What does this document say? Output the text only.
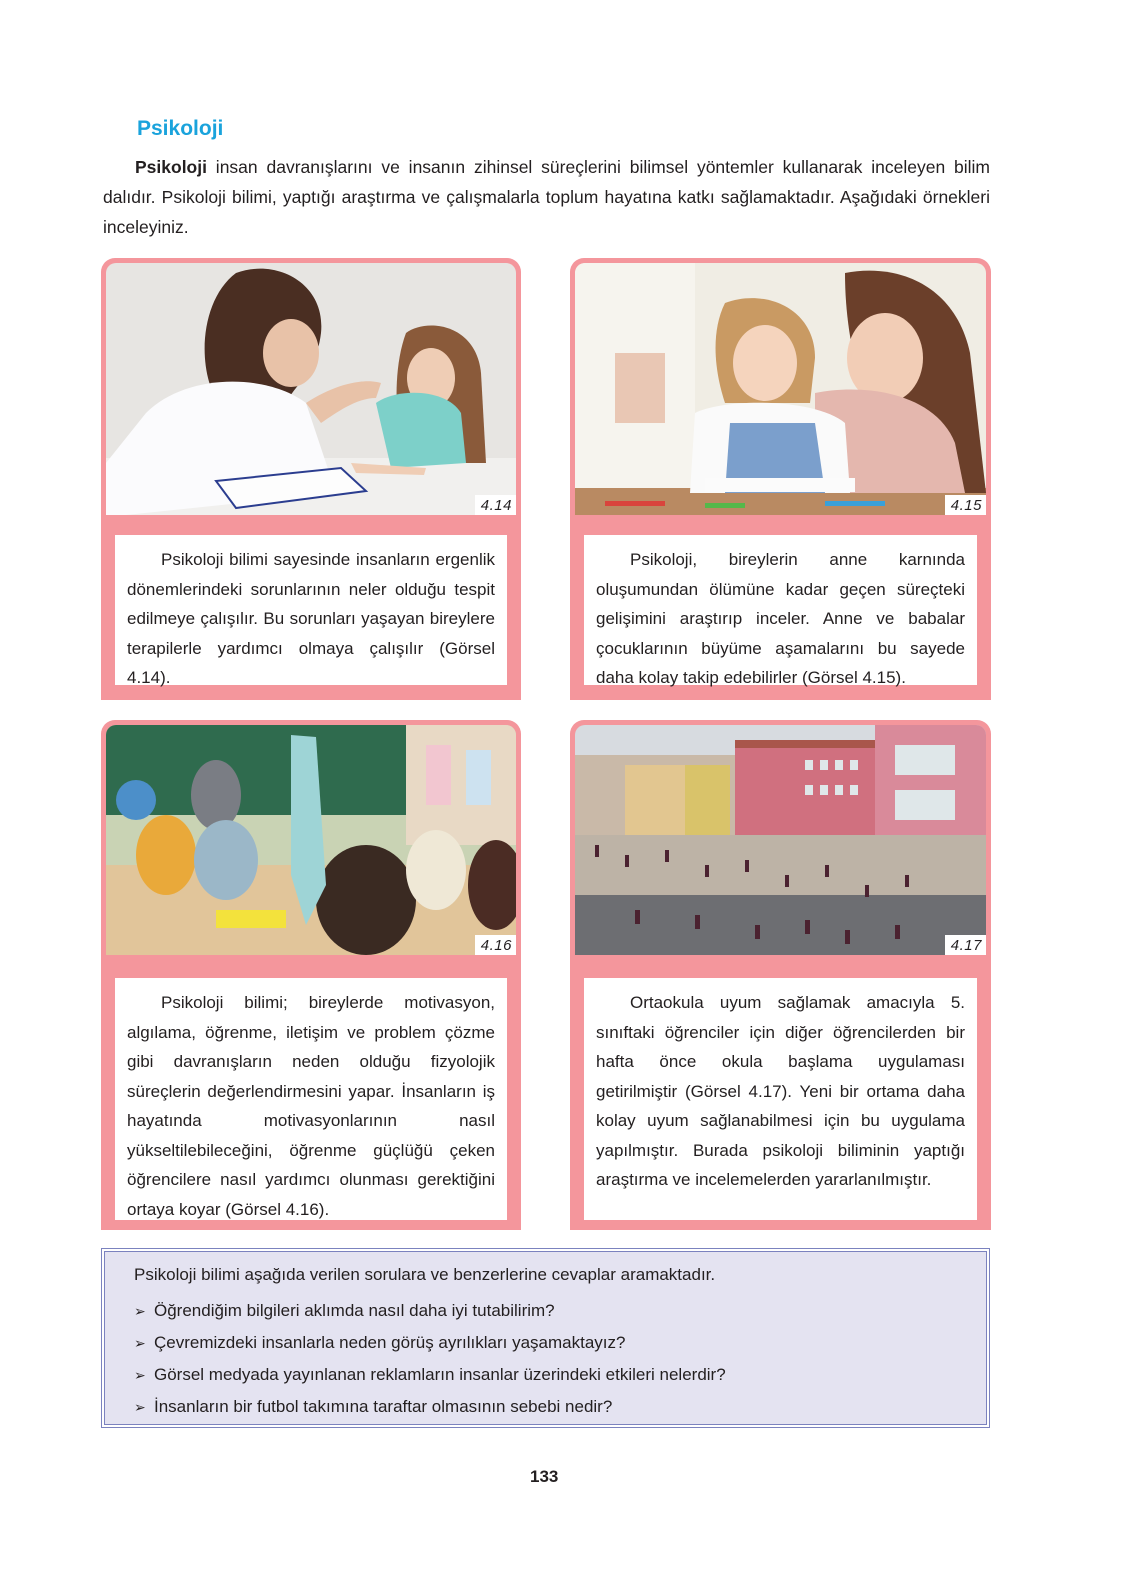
Psikoloji

Psikoloji insan davranışlarını ve insanın zihinsel süreçlerini bilimsel yöntemler kullanarak inceleyen bilim dalıdır. Psikoloji bilimi, yaptığı araştırma ve çalışmalarla toplum hayatına katkı sağlamaktadır. Aşağıdaki örnekleri inceleyiniz.

4.14

Psikoloji bilimi sayesinde insanların ergenlik dönemlerindeki sorunlarının neler olduğu tespit edilmeye çalışılır. Bu sorunları yaşayan bireylere terapilerle yardımcı olmaya çalışılır (Görsel 4.14).

4.15

Psikoloji, bireylerin anne karnında oluşumundan ölümüne kadar geçen süreçteki gelişimini araştırıp inceler. Anne ve babalar çocuklarının büyüme aşamalarını bu sayede daha kolay takip edebilirler (Görsel 4.15).

4.16

Psikoloji bilimi; bireylerde motivasyon, algılama, öğrenme, iletişim ve problem çözme gibi davranışların neden olduğu fizyolojik süreçlerin değerlendirmesini yapar. İnsanların iş hayatında motivasyonlarının nasıl yükseltilebileceğini, öğrenme güçlüğü çeken öğrencilere nasıl yardımcı olunması gerektiğini ortaya koyar (Görsel 4.16).

4.17

Ortaokula uyum sağlamak amacıyla 5. sınıftaki öğrenciler için diğer öğrencilerden bir hafta önce okula başlama uygulaması getirilmiştir (Görsel 4.17). Yeni bir ortama daha kolay uyum sağlanabilmesi için bu uygulama yapılmıştır. Burada psikoloji biliminin yaptığı araştırma ve incelemelerden yararlanılmıştır.

Psikoloji bilimi aşağıda verilen sorulara ve benzerlerine cevaplar aramaktadır.
➢ Öğrendiğim bilgileri aklımda nasıl daha iyi tutabilirim?
➢ Çevremizdeki insanlarla neden görüş ayrılıkları yaşamaktayız?
➢ Görsel medyada yayınlanan reklamların insanlar üzerindeki etkileri nelerdir?
➢ İnsanların bir futbol takımına taraftar olmasının sebebi nedir?
133
